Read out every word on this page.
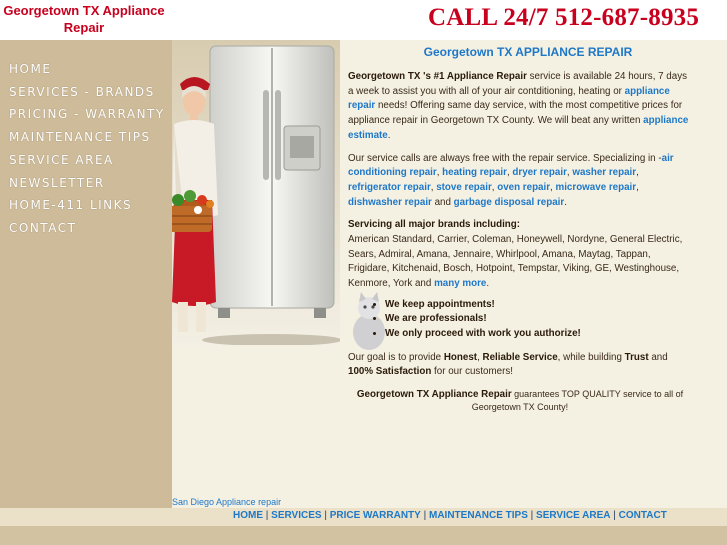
Georgetown TX Appliance Repair	CALL 24/7 512-687-8935
HOME
SERVICES - BRANDS
PRICING - WARRANTY
MAINTENANCE TIPS
SERVICE AREA
NEWSLETTER
HOME-411 LINKS
CONTACT
Georgetown TX APPLIANCE REPAIR

Georgetown TX 's #1 Appliance Repair service is available 24 hours, 7 days a week to assist you with all of your air contditioning, heating or appliance repair needs! Offering same day service, with the most competitive prices for appliance repair in Georgetown TX County. We will beat any written appliance estimate.

Our service calls are always free with the repair service. Specializing in -air conditioning repair, heating repair, dryer repair, washer repair, refrigerator repair, stove repair, oven repair, microwave repair, dishwasher repair and garbage disposal repair.

Servicing all major brands including:
American Standard, Carrier, Coleman, Honeywell, Nordyne, General Electric, Sears, Admiral, Amana, Jennaire, Whirlpool, Amana, Maytag, Tappan, Frigidare, Kitchenaid, Bosch, Hotpoint, Tempstar, Viking, GE, Westinghouse, Kenmore, York and many more.

• We keep appointments!
• We are professionals!
• We only proceed with work you authorize!

Our goal is to provide Honest, Reliable Service, while building Trust and 100% Satisfaction for our customers!

Georgetown TX Appliance Repair guarantees TOP QUALITY service to all of Georgetown TX County!

San Diego Appliance repair
HOME | SERVICES | PRICE WARRANTY | MAINTENANCE TIPS | SERVICE AREA | CONTACT
